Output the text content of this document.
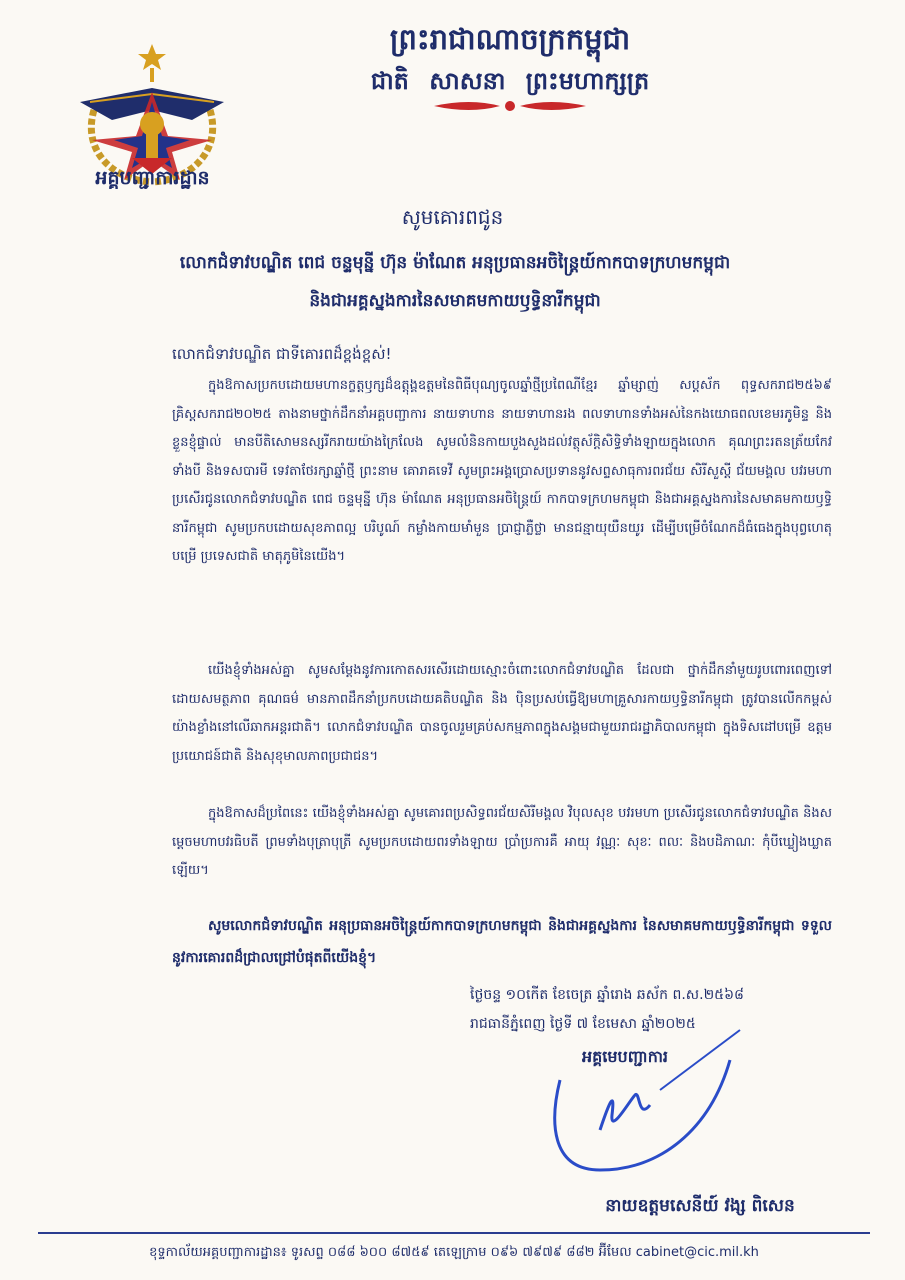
អគ្គបញ្ជាការដ្ឋាន
ព្រះរាជាណាចក្រកម្ពុជា
ជាតិ សាសនា ព្រះមហាក្សត្រ
សូមគោរពជូន
លោកជំទាវបណ្ឌិត ពេជ ចន្ទមុន្នី ហ៊ុន ម៉ាណែត អនុប្រធានអចិន្ត្រៃយ៍កាកបាទក្រហមកម្ពុជា
និងជាអគ្គស្នងការនៃសមាគមកាយឫទ្ធិនារីកម្ពុជា
លោកជំទាវបណ្ឌិត ជាទីគោរពដ៏ខ្ពង់ខ្ពស់!
ក្នុងឱកាសប្រកបដោយមហានក្ខត្តឫក្សដ៏ឧត្តុង្គឧត្តមនៃពិធីបុណ្យចូលឆ្នាំថ្មីប្រពៃណីខ្មែរ ឆ្នាំម្សាញ់ សប្តស័ក ពុទ្ធសករាជ២៥៦៩ គ្រិស្តសករាជ២០២៥ តាងនាមថ្នាក់ដឹកនាំអគ្គបញ្ជាការ នាយទាហាន នាយទាហានរង ពលទាហានទាំងអស់នៃកងយោធពលខេមរភូមិន្ទ និងខ្លួនខ្ញុំផ្ទាល់ មានបីតិសោមនស្សរីករាយយ៉ាងក្រៃលែង សូមលំនិនកាយបួងសួងដល់វត្ថុស័ក្តិសិទ្ធិទាំងឡាយក្នុងលោក គុណព្រះរតនត្រ័យកែវទាំងបី និងទសបារមី ទេវតាថែរក្សាឆ្នាំថ្មី ព្រះនាម គោរាគទេវី សូមព្រះអង្គប្រោសប្រទាននូវសព្ទសាធុការពរជ័យ សិរីសួស្តី ជ័យមង្គល បវរមហាប្រសើរជូនលោកជំទាវបណ្ឌិត ពេជ ចន្ទមុន្នី ហ៊ុន ម៉ាណែត អនុប្រធានអចិន្ត្រៃយ៍ កាកបាទក្រហមកម្ពុជា និងជាអគ្គស្នងការនៃសមាគមកាយឫទ្ធិនារីកម្ពុជា សូមប្រកបដោយសុខភាពល្អ បរិបូណ៍ កម្លាំងកាយមាំមួន ប្រាជ្ញាភ្លឺថ្លា មានជន្មាយុយឺនយូរ ដើម្បីបម្រើចំណែកដ៏ធំធេងក្នុងបុព្វហេតុបម្រើ ប្រទេសជាតិ មាតុភូមិនៃយើង។
យើងខ្ញុំទាំងអស់គ្នា សូមសម្តែងនូវការកោតសរសើរដោយស្មោះចំពោះលោកជំទាវបណ្ឌិត ដែលជា ថ្នាក់ដឹកនាំមួយរូបពោរពេញទៅដោយសមត្ថភាព គុណធម៌ មានភាពដឹកនាំប្រកបដោយគតិបណ្ឌិត និង ប៉ិនប្រសប់ធ្វើឱ្យមហាគ្រួសារកាយឫទ្ធិនារីកម្ពុជា ត្រូវបានលើកកម្ពស់យ៉ាងខ្លាំងនៅលើឆាកអន្តរជាតិ។ លោកជំទាវបណ្ឌិត បានចូលរួមគ្រប់សកម្មភាពក្នុងសង្គមជាមួយរាជរដ្ឋាភិបាលកម្ពុជា ក្នុងទិសដៅបម្រើ ឧត្តមប្រយោជន៍ជាតិ និងសុខុមាលភាពប្រជាជន។
ក្នុងឱកាសដ៏ប្រពៃនេះ យើងខ្ញុំទាំងអស់គ្នា សូមគោរពប្រសិទ្ធពរជ័យសិរីមង្គល វិបុលសុខ បវរមហា ប្រសើរជូនលោកជំទាវបណ្ឌិត និងសម្តេចមហាបវរធិបតី ព្រមទាំងបុត្រាបុត្រី សូមប្រកបដោយពរទាំងឡាយ ប្រាំប្រការគឺ អាយុ វណ្ណៈ សុខៈ ពលៈ និងបដិភាណៈ កុំបីឃ្លៀងឃ្លាតឡើយ។
សូមលោកជំទាវបណ្ឌិត អនុប្រធានអចិន្ត្រៃយ៍កាកបាទក្រហមកម្ពុជា និងជាអគ្គស្នងការ នៃសមាគមកាយឫទ្ធិនារីកម្ពុជា ទទួលនូវការគោរពដ៏ជ្រាលជ្រៅបំផុតពីយើងខ្ញុំ។
ថ្ងៃចន្ទ ១០កើត ខែចេត្រ ឆ្នាំរោង ឆស័ក ព.ស.២៥៦៨
រាជធានីភ្នំពេញ ថ្ងៃទី ៧ ខែមេសា ឆ្នាំ២០២៥
អគ្គមេបញ្ជាការ
នាយឧត្តមសេនីយ៍ វង្ស ពិសេន
ខុទ្ទកាល័យអគ្គបញ្ជាការដ្ឋាន៖ ទូរសព្ទ ០៨៨ ៦០០ ៨៧៥៩ តេឡេក្រាម ០៩៦ ៧៩៧៩ ៨៨២ អ៊ីមែល cabinet@cic.mil.kh
